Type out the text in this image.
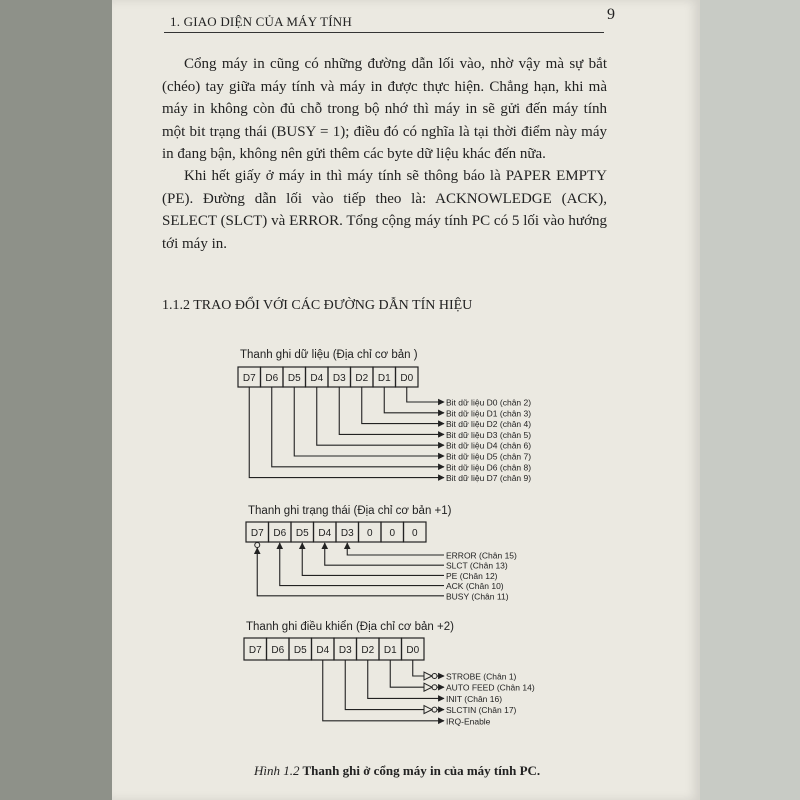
1. GIAO DIỆN CỦA MÁY TÍNH	9

Cổng máy in cũng có những đường dẫn lối vào, nhờ vậy mà sự bắt (chéo) tay giữa máy tính và máy in được thực hiện. Chẳng hạn, khi mà máy in không còn đủ chỗ trong bộ nhớ thì máy in sẽ gửi đến máy tính một bit trạng thái (BUSY = 1); điều đó có nghĩa là tại thời điểm này máy in đang bận, không nên gửi thêm các byte dữ liệu khác đến nữa.

Khi hết giấy ở máy in thì máy tính sẽ thông báo là PAPER EMPTY (PE). Đường dẫn lối vào tiếp theo là: ACKNOWLEDGE (ACK), SELECT (SLCT) và ERROR. Tổng cộng máy tính PC có 5 lối vào hướng tới máy in.

1.1.2 TRAO ĐỔI VỚI CÁC ĐƯỜNG DẪN TÍN HIỆU
Hình 1.2 Thanh ghi ở cổng máy in của máy tính PC.
Thanh ghi dữ liệu (Địa chỉ cơ bản )
D7 D6 D5 D4 D3 D2 D1 D0
Bit dữ liệu D0 (chân 2)
Bit dữ liệu D1 (chân 3)
Bit dữ liệu D2 (chân 4)
Bit dữ liệu D3 (chân 5)
Bit dữ liệu D4 (chân 6)
Bit dữ liệu D5 (chân 7)
Bit dữ liệu D6 (chân 8)
Bit dữ liệu D7 (chân 9)
Thanh ghi trạng thái (Địa chỉ cơ bản +1)
D7 D6 D5 D4 D3 0 0 0
ERROR (Chân 15)
SLCT (Chân 13)
PE (Chân 12)
ACK (Chân 10)
BUSY (Chân 11)
Thanh ghi điều khiển (Địa chỉ cơ bản +2)
D7 D6 D5 D4 D3 D2 D1 D0
STROBE (Chân 1)
AUTO FEED (Chân 14)
INIT (Chân 16)
SLCTIN (Chân 17)
IRQ-Enable
